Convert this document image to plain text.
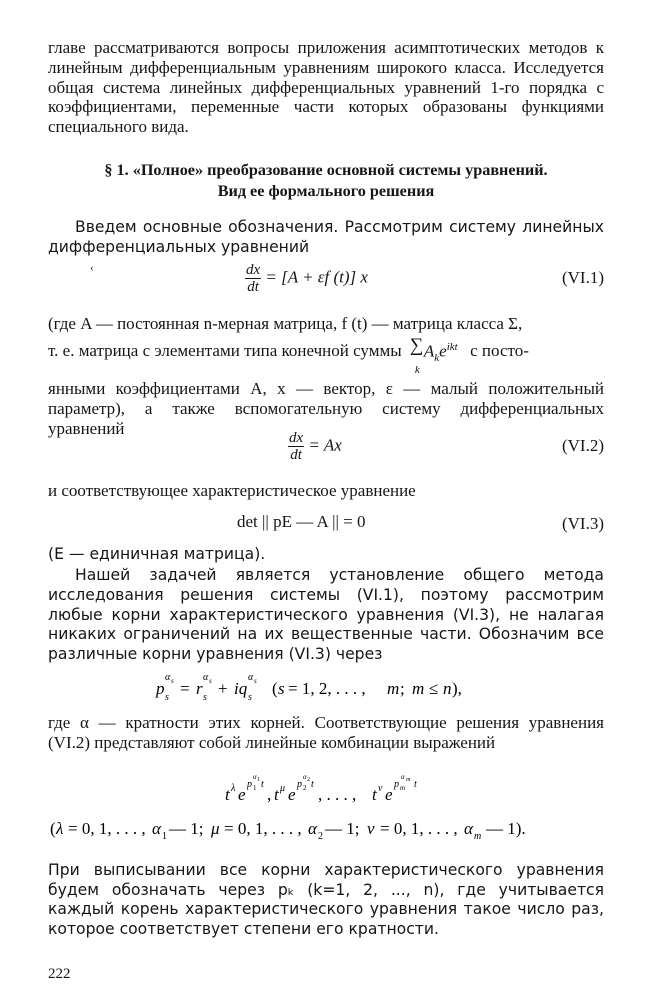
главе рассматриваются вопросы приложения асимптотических методов к линейным дифференциальным уравнениям широкого класса. Исследуется общая система линейных дифференциальных уравнений 1-го порядка с коэффициентами, переменные части которых образованы функциями специального вида.

§ 1. «Полное» преобразование основной системы уравнений.

Вид ее формального решения

Введем основные обозначения. Рассмотрим систему линейных дифференциальных уравнений

‹	$\frac{dx}{dt} = [A + \varepsilon f$ (t)] x	(VI.1)

(где A — постоянная n-мерная матрица, f (t) — матрица класса Σ,

т. е. матрица с элементами типа конечной суммы ∑ $A_ke^{ikt}$
k
с посто-

янными коэффициентами A, x — вектор, ε — малый положительный параметр), а также вспомогательную систему дифференциальных уравнений

$\frac{dx}{dt} = Ax$	(VI.2)

и соответствующее характеристическое уравнение

det || pE — A || = 0	(VI.3)

(E — единичная матрица).

Нашей задачей является установление общего метода исследования решения системы (VI.1), поэтому рассмотрим любые корни характеристического уравнения (VI.3), не налагая никаких ограничений на их вещественные части. Обозначим все различные корни уравнения (VI.3) через

p s
α s = r s
α s + iq s
α s ( s = 1, 2, . . . , m ; m ≤ n ),

где α — кратности этих корней. Соответствующие решения уравнения (VI.2) представляют собой линейные комбинации выражений

t λ e
p 1
α 1 t
, t μ e
p 2
α 2 t
, . . . , t ν e
p m
α m t
( λ = 0, 1, . . . , α 1 — 1; μ = 0, 1, . . . , α 2 — 1; ν = 0, 1, . . . , α m — 1).

При выписывании все корни характеристического уравнения будем обозначать через pₖ (k=1, 2, ..., n), где учитывается каждый корень характеристического уравнения такое число раз, которое соответствует степени его кратности.

222
